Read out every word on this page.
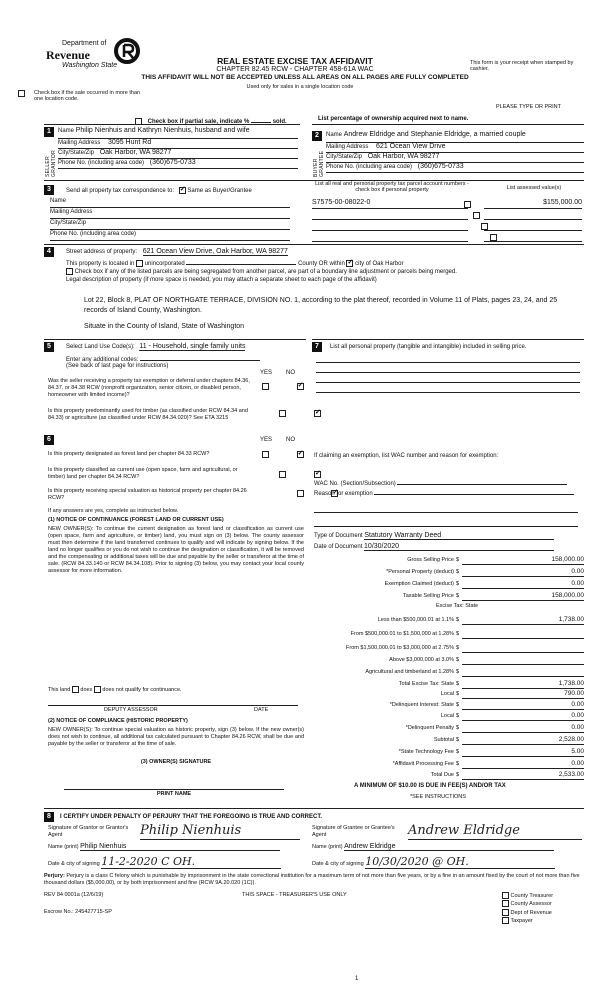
Department of
Revenue
Washington State	REAL ESTATE EXCISE TAX AFFIDAVIT
CHAPTER 82.45 RCW - CHAPTER 458-61A WAC
This form is your receipt when stamped by cashier.
THIS AFFIDAVIT WILL NOT BE ACCEPTED UNLESS ALL AREAS ON ALL PAGES ARE FULLY COMPLETED
Used only for sales in a single location code
Check box if the sale occurred in more than one location code.
PLEASE TYPE OR PRINT
Check box if partial sale, indicate %	sold.	List percentage of ownership acquired next to name.
1
SELLER GRANTOR
Name Philip Nienhuis and Kathryn Nienhuis, husband and wife
Mailing Address 3095 Hunt Rd
City/State/Zip Oak Harbor, WA 98277
Phone No. (including area code) (360)675-0733
2
BUYER GRANTEE
Name Andrew Eldridge and Stephanie Eldridge, a married couple
Mailing Address 621 Ocean View Drive
City/State/Zip Oak Harbor, WA 98277
Phone No. (including area code) (360)675-0733
3	Send all property tax correspondence to: ✓ Same as Buyer/Grantee
Name
Mailing Address
City/State/Zip
Phone No. (including area code)
List all real and personal property tax parcel account numbers - check box if personal property	List assessed value(s)
S7575-00-08022-0
	$155,000.00

4	Street address of property: 621 Ocean View Drive, Oak Harbor, WA 98277
This property is located in unincorporated	County OR within ✓ city of Oak Harbor
Check box if any of the listed parcels are being segregated from another parcel, are part of a boundary line adjustment or parcels being merged.
Legal description of property (if more space is needed, you may attach a separate sheet to each page of the affidavit)
Lot 22, Block 8, PLAT OF NORTHGATE TERRACE, DIVISION NO. 1, according to the plat thereof, recorded in Volume 11 of Plats, pages 23, 24, and 25 records of Island County, Washington.
Situate in the County of Island, State of Washington
5	Select Land Use Code(s): 11 - Household, single family units
Enter any additional codes:
(See back of last page for instructions)
YES NO
Was the seller receiving a property tax exemption or deferral under chapters 84.36, 84.37, or 84.38 RCW (nonprofit organization, senior citizen, or disabled person, homeowner with limited income)?
✓
Is this property predominantly used for timber (as classified under RCW 84.34 and 84.33) or agriculture (as classified under RCW 84.34.020)? See ETA 3215
✓
6	YES NO
Is this property designated as forest land per chapter 84.33 RCW?
✓
Is this property classified as current use (open space, farm and agricultural, or timber) land per chapter 84.34 RCW?
✓
Is this property receiving special valuation as historical property per chapter 84.26 RCW?
✓
If any answers are yes, complete as instructed below.
(1) NOTICE OF CONTINUANCE (FOREST LAND OR CURRENT USE)
NEW OWNER(S): To continue the current designation as forest land or classification as current use (open space, farm and agriculture, or timber) land, you must sign on (3) below. The county assessor must then determine if the land transferred continues to qualify and will indicate by signing below. If the land no longer qualifies or you do not wish to continue the designation or classification, it will be removed and the compensating or additional taxes will be due and payable by the seller or transferor at the time of sale. (RCW 84.33.140 or RCW 84.34.108). Prior to signing (3) below, you may contact your local county assessor for more information.
This land does does not qualify for continuance.
DEPUTY ASSESSOR	DATE
(2) NOTICE OF COMPLIANCE (HISTORIC PROPERTY)
NEW OWNER(S): To continue special valuation as historic property, sign (3) below. If the new owner(s) does not wish to continue, all additional tax calculated pursuant to Chapter 84.26 RCW, shall be due and payable by the seller or transferor at the time of sale.
(3) OWNER(S) SIGNATURE
PRINT NAME
7	List all personal property (tangible and intangible) included in selling price.
If claiming an exemption, list WAC number and reason for exemption:
WAC No. (Section/Subsection)
Reason for exemption
Type of Document Statutory Warranty Deed
Date of Document 10/30/2020
Gross Selling Price $	158,000.00
*Personal Property (deduct) $	0.00
Exemption Claimed (deduct) $	0.00
Taxable Selling Price $	158,000.00
Less than $500,000.01 at 1.1% $	1,738.00
From $500,000.01 to $1,500,000 at 1.28% $
From $1,500,000.01 to $3,000,000 at 2.75% $
Above $3,000,000 at 3.0% $
Agricultural and timberland at 1.28% $
Total Excise Tax: State $	1,738.00
Local $	790.00
*Delinquent Interest: State $	0.00
Local $	0.00
*Delinquent Penalty $	0.00
Subtotal $	2,528.00
*State Technology Fee $	5.00
*Affidavit Processing Fee $	0.00
Total Due $	2,533.00
Excise Tax: State
A MINIMUM OF $10.00 IS DUE IN FEE(S) AND/OR TAX
*SEE INSTRUCTIONS
8	I CERTIFY UNDER PENALTY OF PERJURY THAT THE FOREGOING IS TRUE AND CORRECT.
Signature of Grantor or Grantor's Agent	Philip Nienhuis
Name (print) Philip Nienhuis
Date & city of signing 11-2-2020 C OH.
Signature of Grantee or Grantee's Agent	Andrew Eldridge
Name (print) Andrew Eldridge
Date & city of signing 10/30/2020 @ OH.
Perjury: Perjury is a class C felony which is punishable by imprisonment in the state correctional institution for a maximum term of not more than five years, or by a fine in an amount fixed by the court of not more than five thousand dollars ($5,000.00), or by both imprisonment and fine (RCW 9A.20.020 (1C)).
REV 84 0001a (12/6/19)	THIS SPACE - TREASURER'S USE ONLY
Escrow No.: 245427715-SP
County Treasurer
County Assessor
Dept of Revenue
Taxpayer
1
